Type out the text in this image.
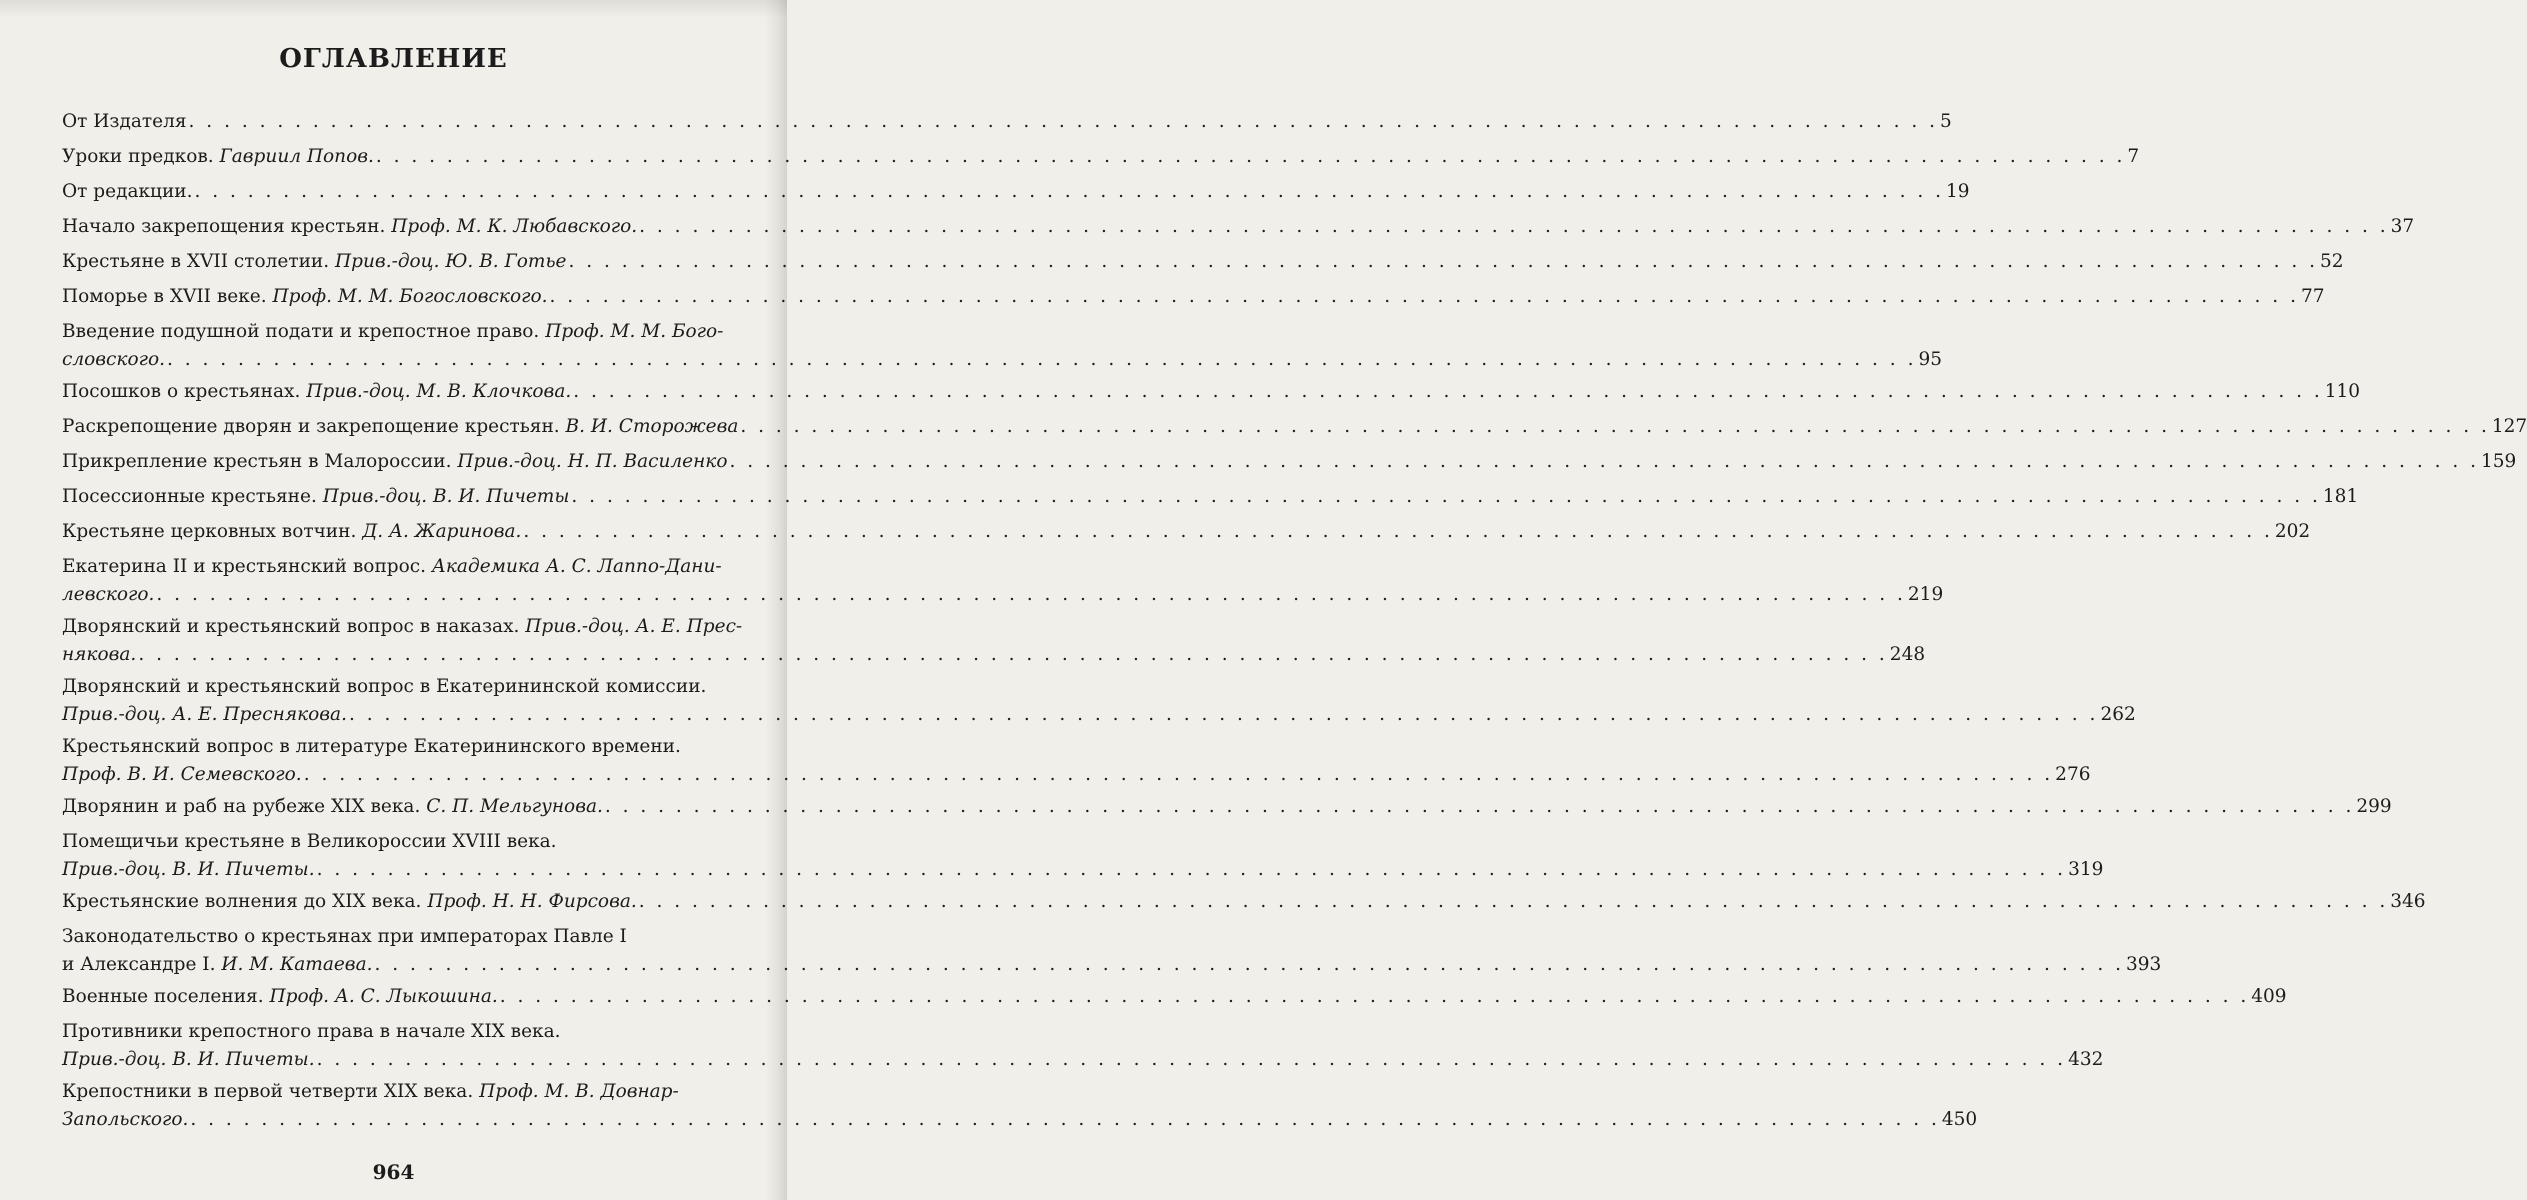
ОГЛАВЛЕНИЕ
От Издателя . . .	5
Уроки предков. Гавриил Попов. . . .	7
От редакции. . . .	19
Начало закрепощения крестьян. Проф. М. К. Любавского. . . .	37
Крестьяне в XVII столетии. Прив.-доц. Ю. В. Готье . . .	52
Поморье в XVII веке. Проф. М. М. Богословского. . . .	77
Введение подушной подати и крепостное право. Проф. М. М. Бого-
словского. . . .	95
Посошков о крестьянах. Прив.-доц. М. В. Клочкова. . . .	110
Раскрепощение дворян и закрепощение крестьян. В. И. Сторожева . . .	127
Прикрепление крестьян в Малороссии. Прив.-доц. Н. П. Василенко . . .	159
Посессионные крестьяне. Прив.-доц. В. И. Пичеты . . .	181
Крестьяне церковных вотчин. Д. А. Жаринова. . . .	202
Екатерина II и крестьянский вопрос. Академика А. С. Лаппо-Дани-
левского. . . .	219
Дворянский и крестьянский вопрос в наказах. Прив.-доц. А. Е. Прес-
някова. . . .	248
Дворянский и крестьянский вопрос в Екатерининской комиссии.
Прив.-доц. А. Е. Преснякова. . . .	262
Крестьянский вопрос в литературе Екатерининского времени.
Проф. В. И. Семевского. . . .	276
Дворянин и раб на рубеже XIX века. С. П. Мельгунова. . . .	299
Помещичьи крестьяне в Великороссии XVIII века.
Прив.-доц. В. И. Пичеты. . . .	319
Крестьянские волнения до XIX века. Проф. Н. Н. Фирсова. . . .	346
Законодательство о крестьянах при императорах Павле I
и Александре I. И. М. Катаева. . . .	393
Военные поселения. Проф. А. С. Лыкошина. . . .	409
Противники крепостного права в начале XIX века.
Прив.-доц. В. И. Пичеты. . . .	432
Крепостники в первой четверти XIX века. Проф. М. В. Довнар-
Запольского. . . .	450
964
